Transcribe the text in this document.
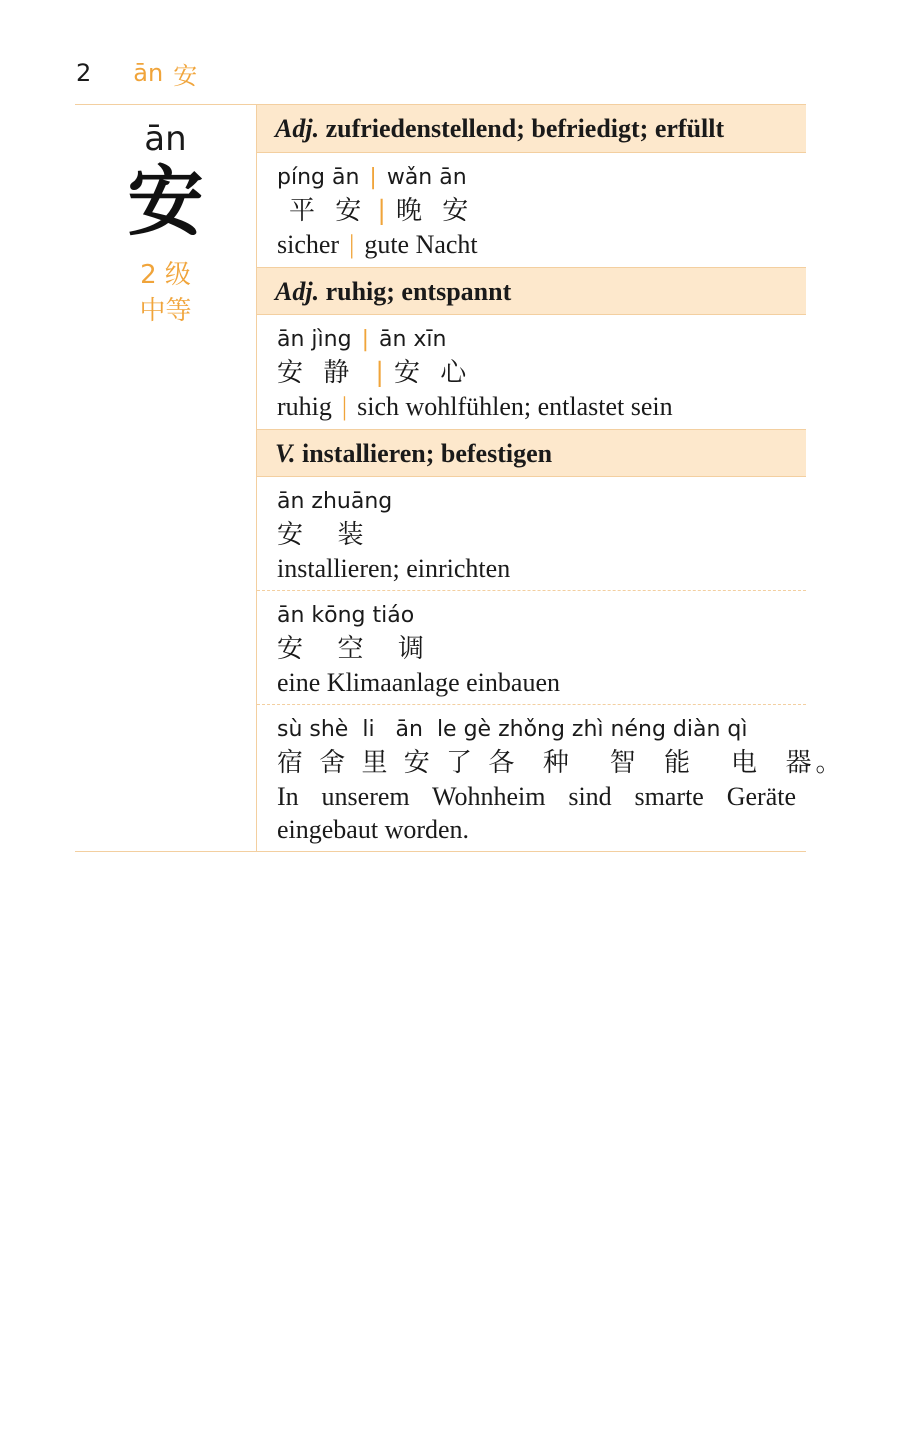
2 ān 安
ān
安
2 级
中等
Adj. zufriedenstellend; befriedigt; erfüllt
píng ān | wǎn ān
平 安 | 晚 安
sicher | gute Nacht
Adj. ruhig; entspannt
ān jìng | ān xīn
安 静 | 安 心
ruhig | sich wohlfühlen; entlastet sein
V. installieren; befestigen
ān zhuāng
安  装
installieren; einrichten
ān kōng tiáo
安  空  调
eine Klimaanlage einbauen
sù shè  li   ān  le gè zhǒng zhì néng diàn qì
宿 舍 里 安 了 各  种   智  能   电  器。
In unserem Wohnheim sind smarte Geräte eingebaut worden.
